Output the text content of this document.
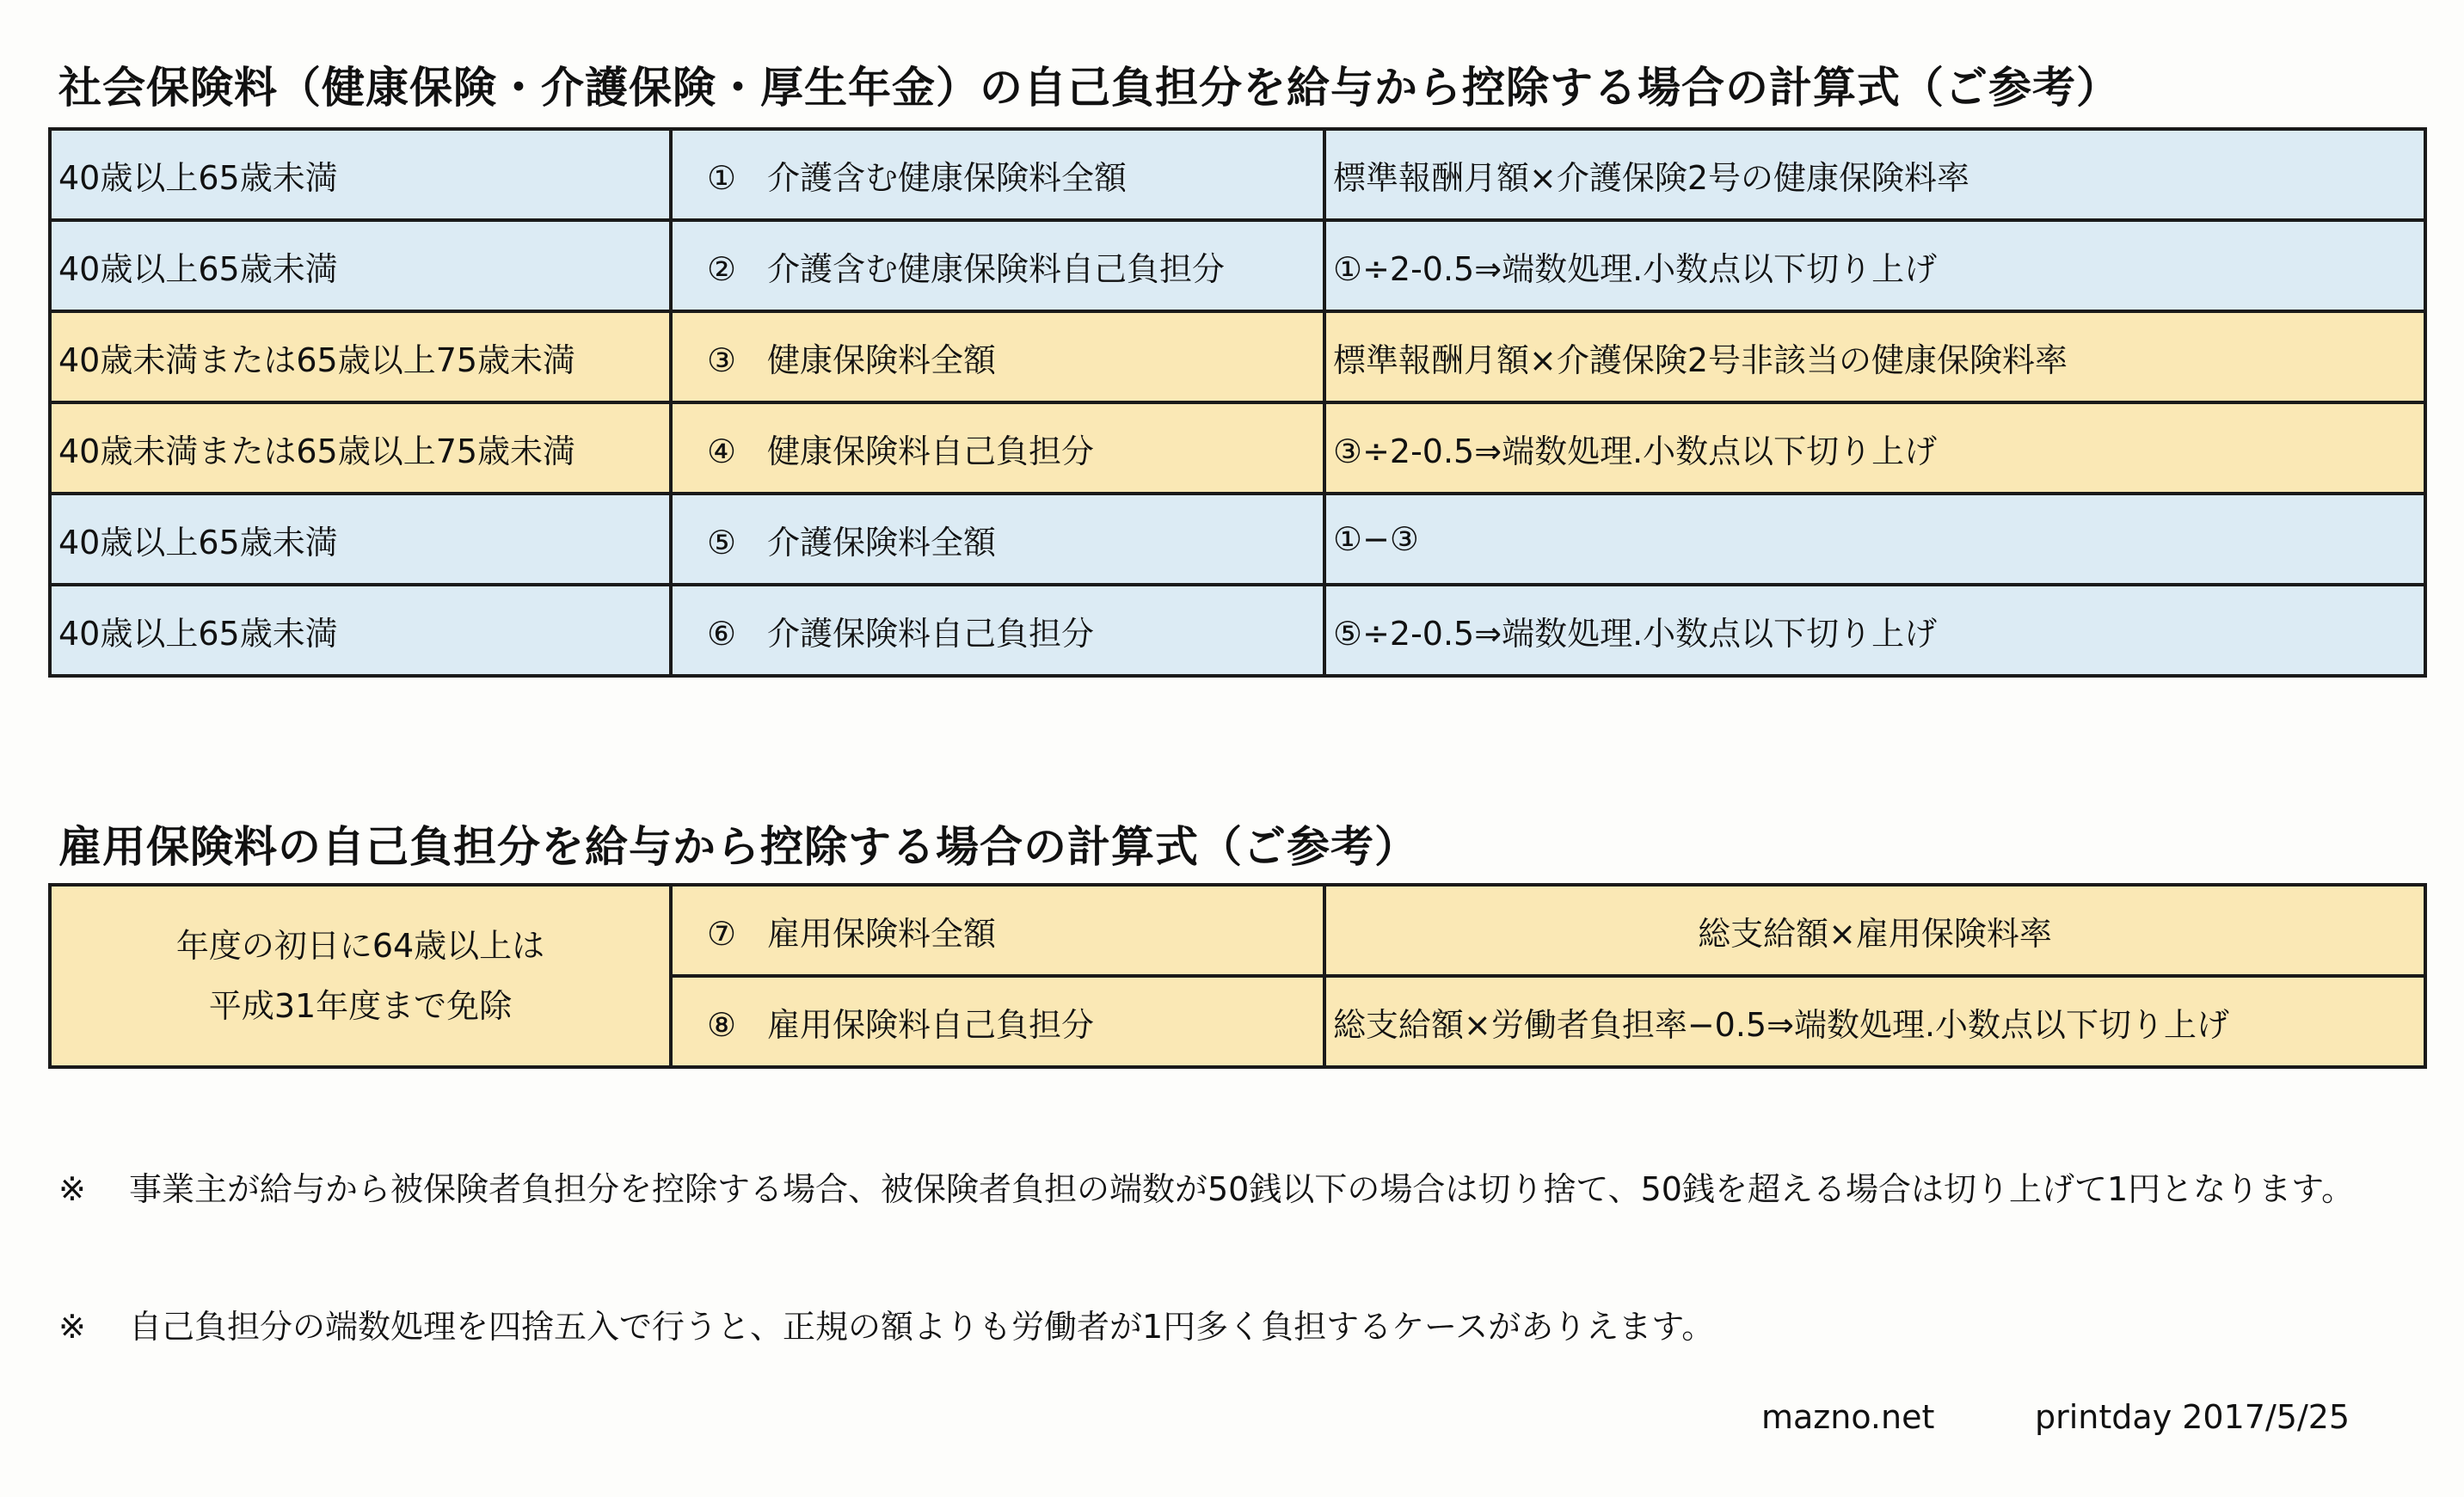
社会保険料（健康保険・介護保険・厚生年金）の自己負担分を給与から控除する場合の計算式（ご参考）
40歳以上65歳未満	① 介護含む健康保険料全額	標準報酬月額×介護保険2号の健康保険料率
40歳以上65歳未満	② 介護含む健康保険料自己負担分	①÷2-0.5⇒端数処理.小数点以下切り上げ
40歳未満または65歳以上75歳未満	③ 健康保険料全額	標準報酬月額×介護保険2号非該当の健康保険料率
40歳未満または65歳以上75歳未満	④ 健康保険料自己負担分	③÷2-0.5⇒端数処理.小数点以下切り上げ
40歳以上65歳未満	⑤ 介護保険料全額	①−③
40歳以上65歳未満	⑥ 介護保険料自己負担分	⑤÷2-0.5⇒端数処理.小数点以下切り上げ
雇用保険料の自己負担分を給与から控除する場合の計算式（ご参考）
年度の初日に64歳以上は
平成31年度まで免除	⑦ 雇用保険料全額	総支給額×雇用保険料率
	⑧ 雇用保険料自己負担分	総支給額×労働者負担率−0.5⇒端数処理.小数点以下切り上げ
※ 事業主が給与から被保険者負担分を控除する場合、被保険者負担の端数が50銭以下の場合は切り捨て、50銭を超える場合は切り上げて1円となります。
※ 自己負担分の端数処理を四捨五入で行うと、正規の額よりも労働者が1円多く負担するケースがありえます。
mazno.net	printday 2017/5/25
